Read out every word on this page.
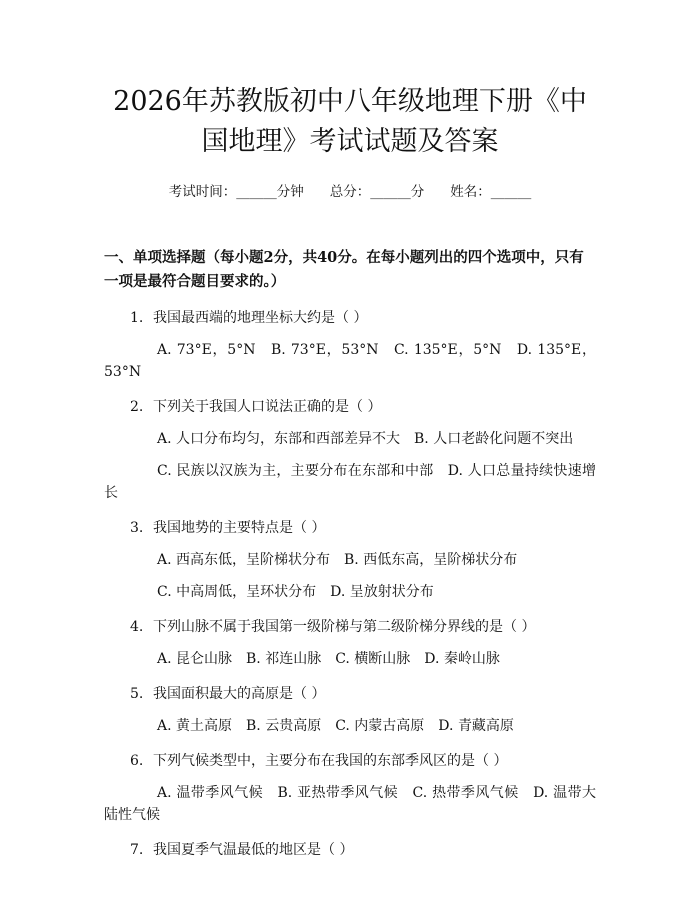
2026年苏教版初中八年级地理下册《中国地理》考试试题及答案
考试时间：______分钟 总分：______分 姓名：______
一、单项选择题（每小题2分，共40分。在每小题列出的四个选项中，只有一项是最符合题目要求的。）
1. 我国最西端的地理坐标大约是（ ）
A. 73°E，5°N　B. 73°E，53°N　C. 135°E，5°N　D. 135°E，53°N
2. 下列关于我国人口说法正确的是（ ）
A. 人口分布均匀，东部和西部差异不大　B. 人口老龄化问题不突出
C. 民族以汉族为主，主要分布在东部和中部　D. 人口总量持续快速增长
3. 我国地势的主要特点是（ ）
A. 西高东低，呈阶梯状分布　B. 西低东高，呈阶梯状分布
C. 中高周低，呈环状分布　D. 呈放射状分布
4. 下列山脉不属于我国第一级阶梯与第二级阶梯分界线的是（ ）
A. 昆仑山脉　B. 祁连山脉　C. 横断山脉　D. 秦岭山脉
5. 我国面积最大的高原是（ ）
A. 黄土高原　B. 云贵高原　C. 内蒙古高原　D. 青藏高原
6. 下列气候类型中，主要分布在我国的东部季风区的是（ ）
A. 温带季风气候　B. 亚热带季风气候　C. 热带季风气候　D. 温带大陆性气候
7. 我国夏季气温最低的地区是（ ）
